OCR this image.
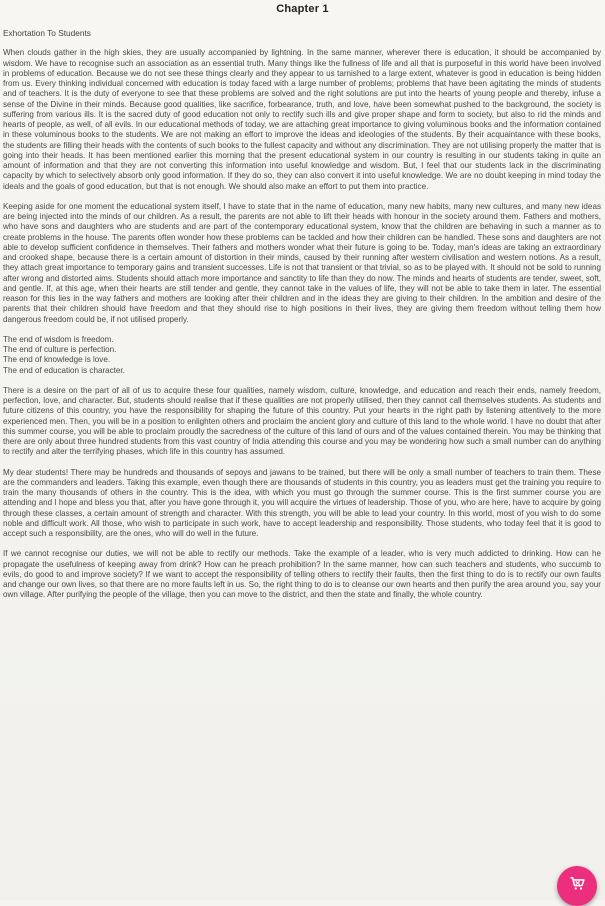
Chapter 1

Exhortation To Students

When clouds gather in the high skies, they are usually accompanied by lightning. In the same manner, wherever there is education, it should be accompanied by wisdom. We have to recognise such an association as an essential truth. Many things like the fullness of life and all that is purposeful in this world have been involved in problems of education. Because we do not see these things clearly and they appear to us tarnished to a large extent, whatever is good in education is being hidden from us. Every thinking individual concerned with education is today faced with a large number of problems; problems that have been agitating the minds of students and of teachers. It is the duty of everyone to see that these problems are solved and the right solutions are put into the hearts of young people and thereby, infuse a sense of the Divine in their minds. Because good qualities, like sacrifice, forbearance, truth, and love, have been somewhat pushed to the background, the society is suffering from various ills. It is the sacred duty of good education not only to rectify such ills and give proper shape and form to society, but also to rid the minds and hearts of people, as well, of all evils. In our educational methods of today, we are attaching great importance to giving voluminous books and the information contained in these voluminous books to the students. We are not making an effort to improve the ideas and ideologies of the students. By their acquaintance with these books, the students are filling their heads with the contents of such books to the fullest capacity and without any discrimination. They are not utilising properly the matter that is going into their heads. It has been mentioned earlier this morning that the present educational system in our country is resulting in our students taking in quite an amount of information and that they are not converting this information into useful knowledge and wisdom. But, I feel that our students lack in the discriminating capacity by which to selectively absorb only good information. If they do so, they can also convert it into useful knowledge. We are no doubt keeping in mind today the ideals and the goals of good education, but that is not enough. We should also make an effort to put them into practice.

Keeping aside for one moment the educational system itself, I have to state that in the name of education, many new habits, many new cultures, and many new ideas are being injected into the minds of our children. As a result, the parents are not able to lift their heads with honour in the society around them. Fathers and mothers, who have sons and daughters who are students and are part of the contemporary educational system, know that the children are behaving in such a manner as to create problems in the house. The parents often wonder how these problems can be tackled and how their children can be handled. These sons and daughters are not able to develop sufficient confidence in themselves. Their fathers and mothers wonder what their future is going to be. Today, man's ideas are taking an extraordinary and crooked shape, because there is a certain amount of distortion in their minds, caused by their running after western civilisation and western notions. As a result, they attach great importance to temporary gains and transient successes. Life is not that transient or that trivial, so as to be played with. It should not be sold to running after wrong and distorted aims. Students should attach more importance and sanctity to life than they do now. The minds and hearts of students are tender, sweet, soft, and gentle. If, at this age, when their hearts are still tender and gentle, they cannot take in the values of life, they will not be able to take them in later. The essential reason for this lies in the way fathers and mothers are looking after their children and in the ideas they are giving to their children. In the ambition and desire of the parents that their children should have freedom and that they should rise to high positions in their lives, they are giving them freedom without telling them how dangerous freedom could be, if not utilised properly.

The end of wisdom is freedom.

The end of culture is perfection.

The end of knowledge is love.

The end of education is character.

There is a desire on the part of all of us to acquire these four qualities, namely wisdom, culture, knowledge, and education and reach their ends, namely freedom, perfection, love, and character. But, students should realise that if these qualities are not properly utilised, then they cannot call themselves students. As students and future citizens of this country, you have the responsibility for shaping the future of this country. Put your hearts in the right path by listening attentively to the more experienced men. Then, you will be in a position to enlighten others and proclaim the ancient glory and culture of this land to the whole world. I have no doubt that after this summer course, you will be able to proclaim proudly the sacredness of the culture of this land of ours and of the values contained therein. You may be thinking that there are only about three hundred students from this vast country of India attending this course and you may be wondering how such a small number can do anything to rectify and alter the terrifying phases, which life in this country has assumed.

My dear students! There may be hundreds and thousands of sepoys and jawans to be trained, but there will be only a small number of teachers to train them. These are the commanders and leaders. Taking this example, even though there are thousands of students in this country, you as leaders must get the training you require to train the many thousands of others in the country. This is the idea, with which you must go through the summer course. This is the first summer course you are attending and I hope and bless you that, after you have gone through it, you will acquire the virtues of leadership. Those of you, who are here, have to acquire by going through these classes, a certain amount of strength and character. With this strength, you will be able to lead your country. In this world, most of you wish to do some noble and difficult work. All those, who wish to participate in such work, have to accept leadership and responsibility. Those students, who today feel that it is good to accept such a responsibility, are the ones, who will do well in the future.

If we cannot recognise our duties, we will not be able to rectify our methods. Take the example of a leader, who is very much addicted to drinking. How can he propagate the usefulness of keeping away from drink? How can he preach prohibition? In the same manner, how can such teachers and students, who succumb to evils, do good to and improve society? If we want to accept the responsibility of telling others to rectify their faults, then the first thing to do is to rectify our own faults and change our own lives, so that there are no more faults left in us. So, the right thing to do is to cleanse our own hearts and then purify the area around you, say your own village. After purifying the people of the village, then you can move to the district, and then the state and finally, the whole country.
